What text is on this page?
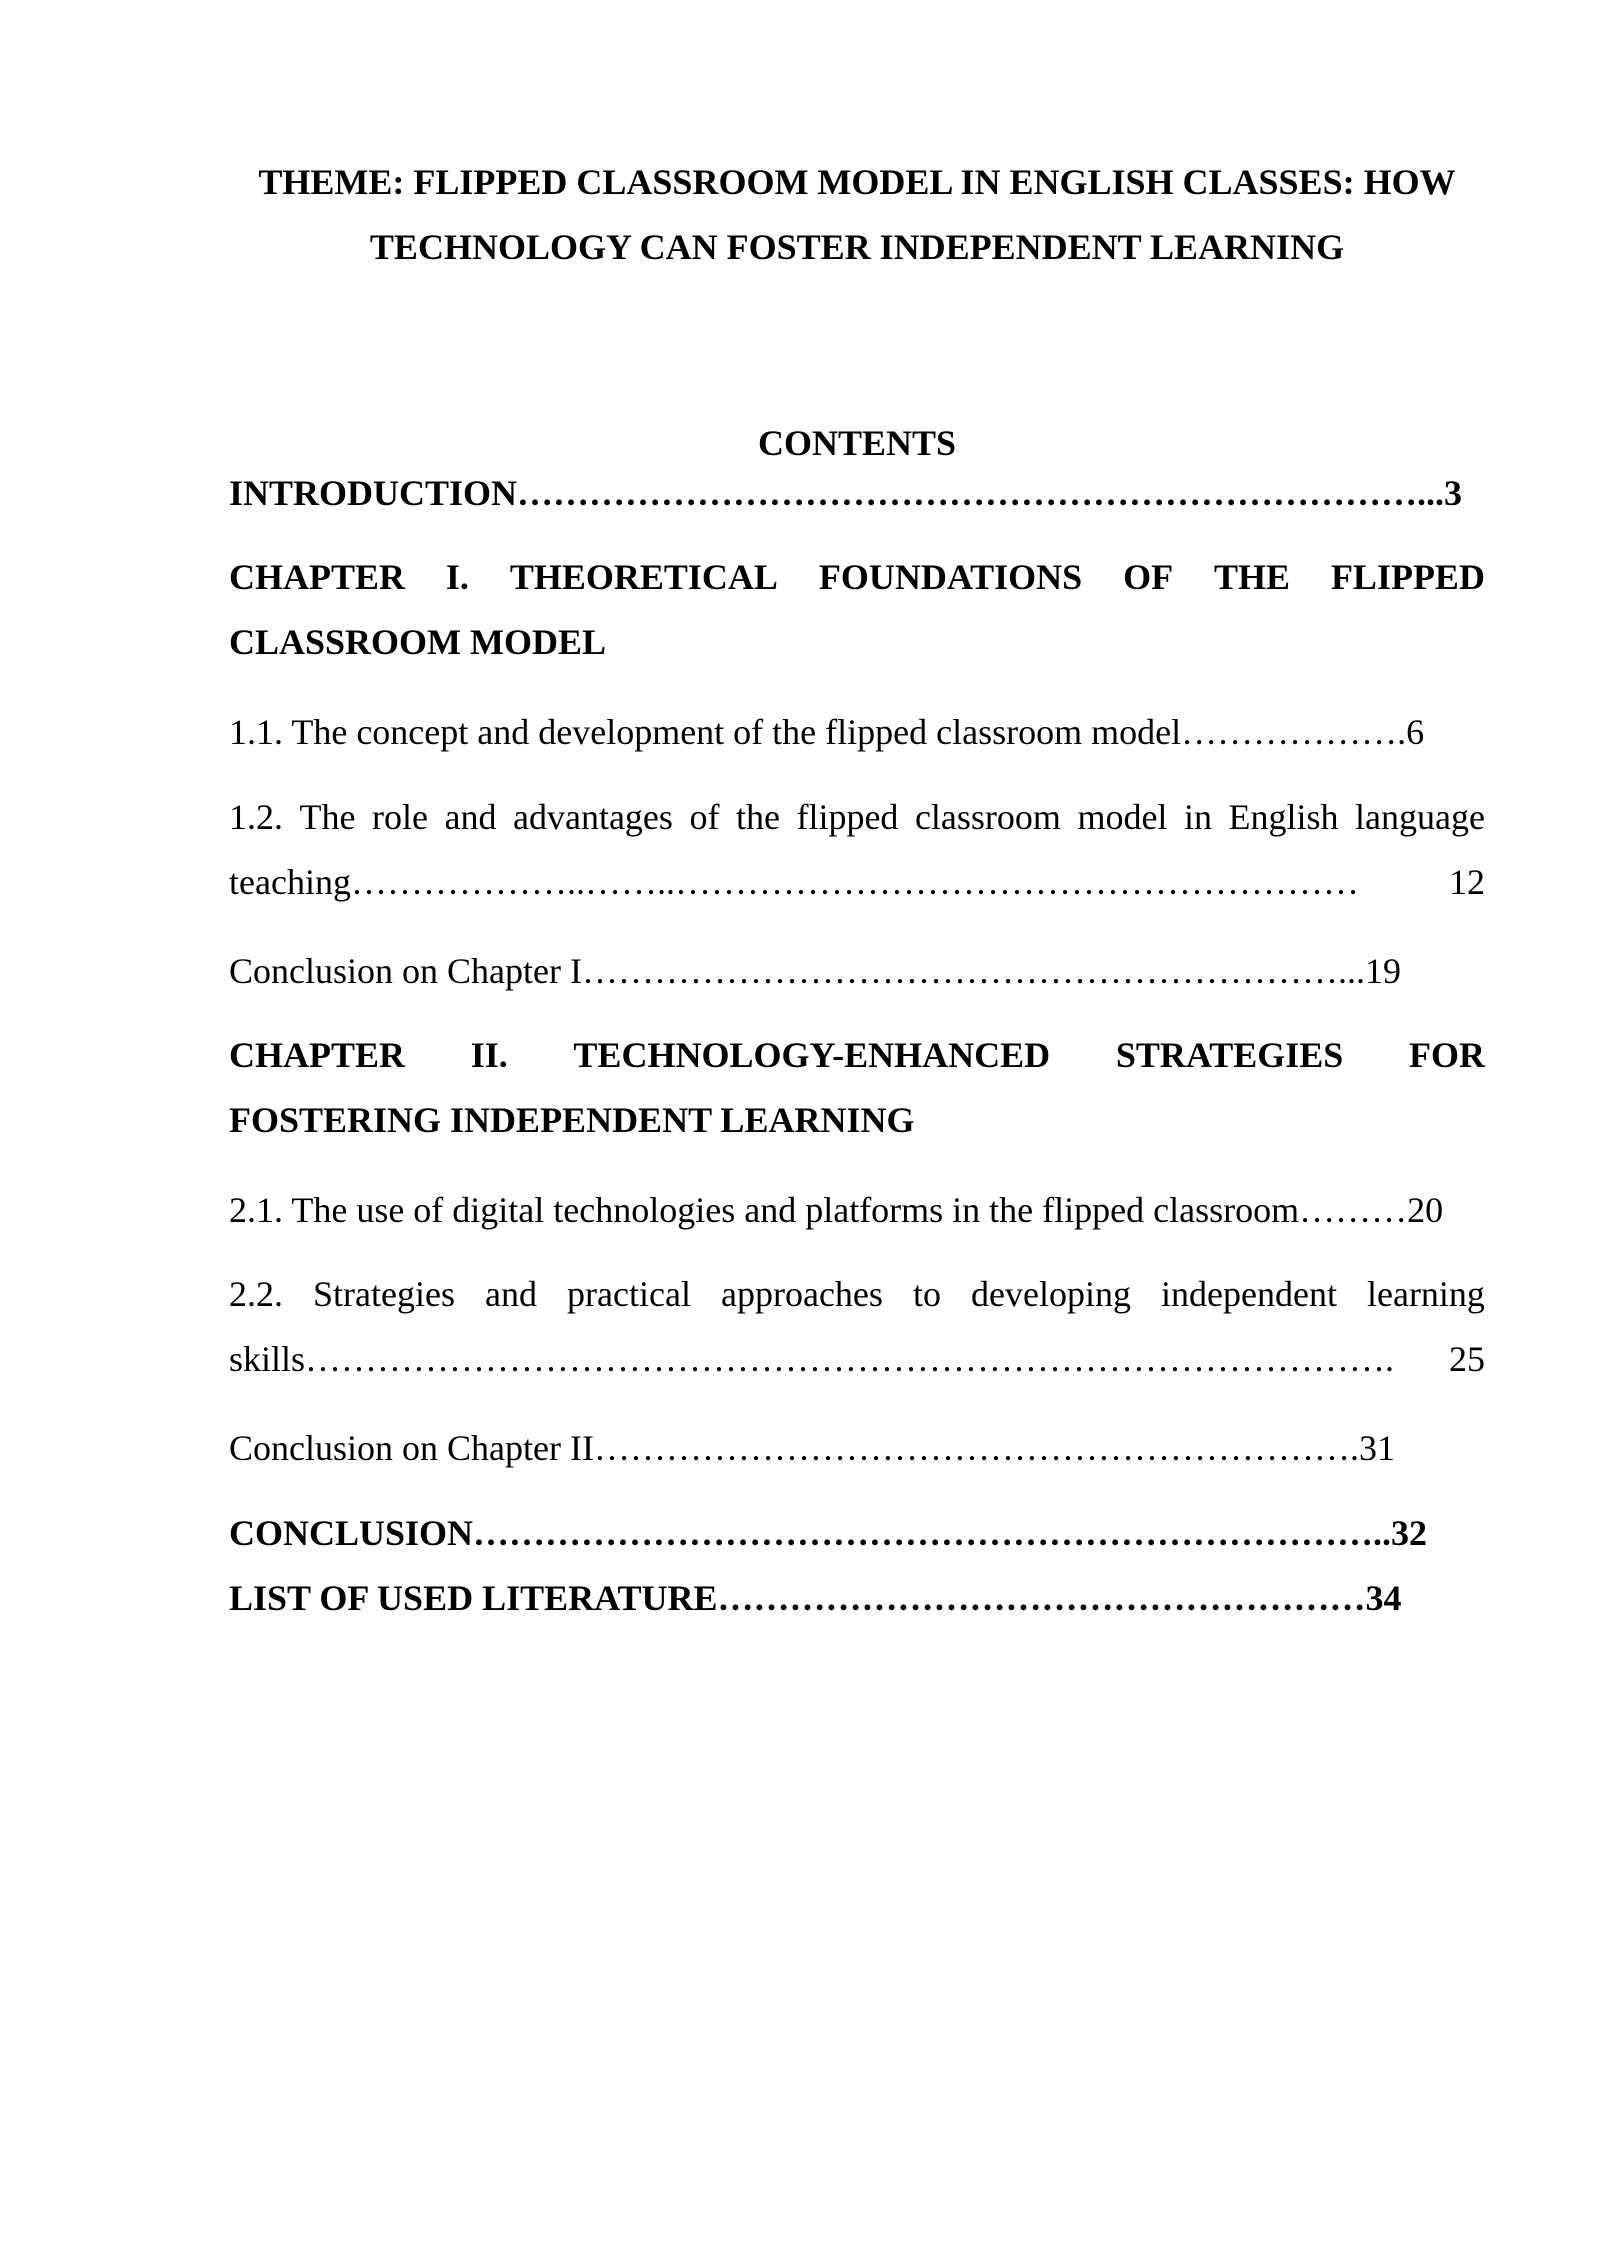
THEME: FLIPPED CLASSROOM MODEL IN ENGLISH CLASSES: HOW
TECHNOLOGY CAN FOSTER INDEPENDENT LEARNING
CONTENTS
INTRODUCTION…………………………………………………………………...3
CHAPTER I. THEORETICAL FOUNDATIONS OF THE FLIPPED
CLASSROOM MODEL
1.1. The concept and development of the flipped classroom model……………….6
1.2. The role and advantages of the flipped classroom model in English language
teaching ………………..……..…………………………………………………	12
Conclusion on Chapter I………………………………………………………...19
CHAPTER II. TECHNOLOGY-ENHANCED STRATEGIES FOR
FOSTERING INDEPENDENT LEARNING
2.1. The use of digital technologies and platforms in the flipped classroom………20
2.2. Strategies and practical approaches to developing independent learning
skills ……………………………………………………………………………….	25
Conclusion on Chapter II……………………………………………………….31
CONCLUSION…………………………………………………………………..32
LIST OF USED LITERATURE………………………………………………34
